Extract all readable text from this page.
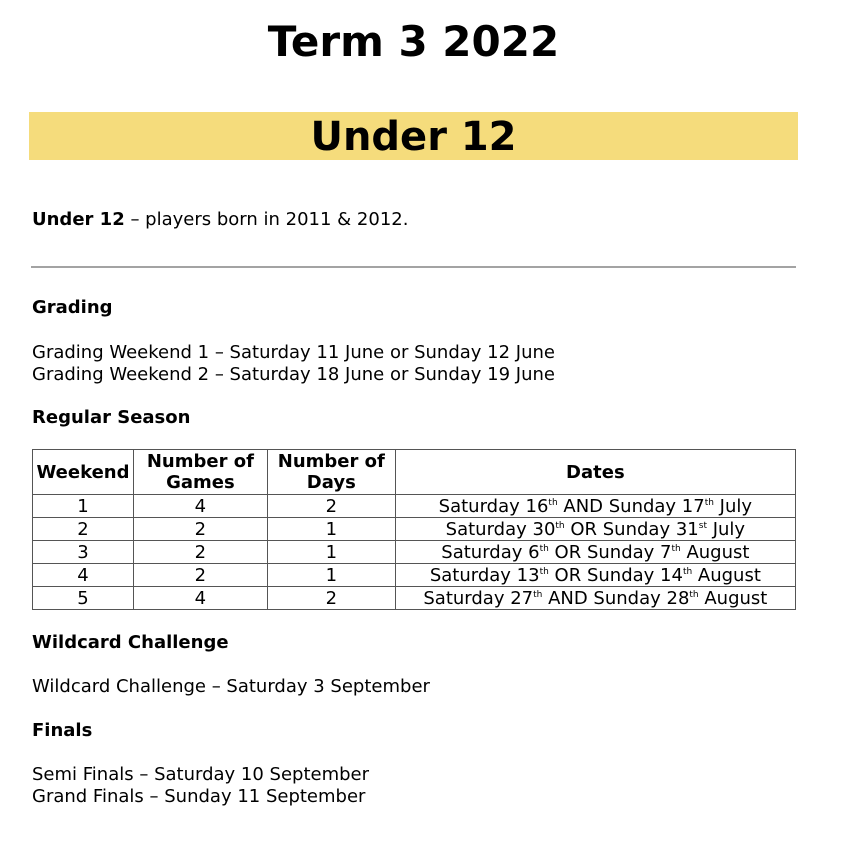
Term 3 2022
Under 12
Under 12 – players born in 2011 & 2012.
Grading
Grading Weekend 1 – Saturday 11 June or Sunday 12 June
Grading Weekend 2 – Saturday 18 June or Sunday 19 June
Regular Season
Weekend	Number of Games	Number of Days	Dates
1	4	2	Saturday 16th AND Sunday 17th July
2	2	1	Saturday 30th OR Sunday 31st July
3	2	1	Saturday 6th OR Sunday 7th August
4	2	1	Saturday 13th OR Sunday 14th August
5	4	2	Saturday 27th AND Sunday 28th August
Wildcard Challenge
Wildcard Challenge – Saturday 3 September
Finals
Semi Finals – Saturday 10 September
Grand Finals – Sunday 11 September
